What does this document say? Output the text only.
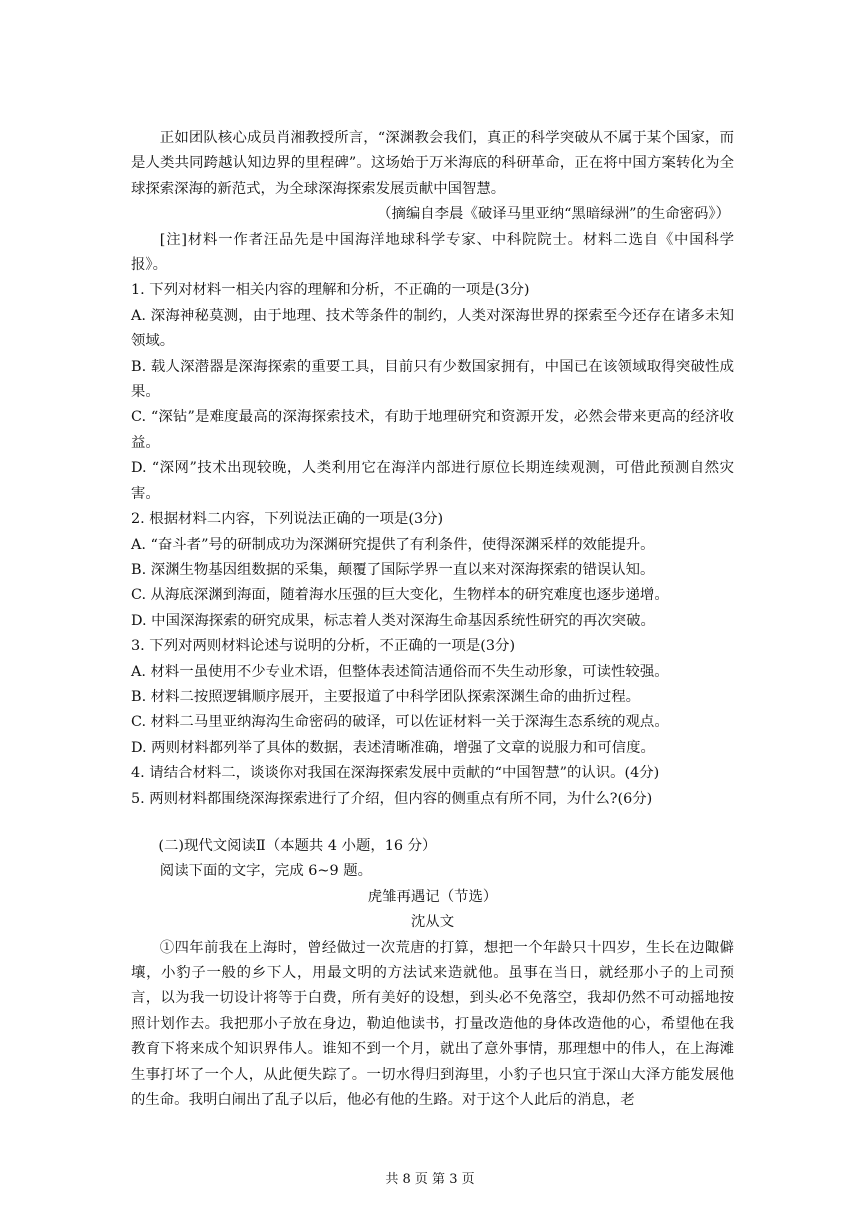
正如团队核心成员肖湘教授所言，“深渊教会我们，真正的科学突破从不属于某个国家，而是人类共同跨越认知边界的里程碑”。这场始于万米海底的科研革命，正在将中国方案转化为全球探索深海的新范式，为全球深海探索发展贡献中国智慧。

（摘编自李晨《破译马里亚纳“黑暗绿洲”的生命密码》）

[注]材料一作者汪品先是中国海洋地球科学专家、中科院院士。材料二选自《中国科学报》。

1. 下列对材料一相关内容的理解和分析，不正确的一项是(3分)

A. 深海神秘莫测，由于地理、技术等条件的制约，人类对深海世界的探索至今还存在诸多未知领域。

B. 载人深潜器是深海探索的重要工具，目前只有少数国家拥有，中国已在该领域取得突破性成果。

C. “深钻”是难度最高的深海探索技术，有助于地理研究和资源开发，必然会带来更高的经济收益。

D. “深网”技术出现较晚，人类利用它在海洋内部进行原位长期连续观测，可借此预测自然灾害。

2. 根据材料二内容，下列说法正确的一项是(3分)

A. “奋斗者”号的研制成功为深渊研究提供了有利条件，使得深渊采样的效能提升。

B. 深渊生物基因组数据的采集，颠覆了国际学界一直以来对深海探索的错误认知。

C. 从海底深渊到海面，随着海水压强的巨大变化，生物样本的研究难度也逐步递增。

D. 中国深海探索的研究成果，标志着人类对深海生命基因系统性研究的再次突破。

3. 下列对两则材料论述与说明的分析，不正确的一项是(3分)

A. 材料一虽使用不少专业术语，但整体表述简洁通俗而不失生动形象，可读性较强。

B. 材料二按照逻辑顺序展开，主要报道了中科学团队探索深渊生命的曲折过程。

C. 材料二马里亚纳海沟生命密码的破译，可以佐证材料一关于深海生态系统的观点。

D. 两则材料都列举了具体的数据，表述清晰准确，增强了文章的说服力和可信度。

4. 请结合材料二，谈谈你对我国在深海探索发展中贡献的“中国智慧”的认识。(4分)

5. 两则材料都围绕深海探索进行了介绍，但内容的侧重点有所不同，为什么?(6分)

(二)现代文阅读Ⅱ（本题共 4 小题，16 分）

阅读下面的文字，完成 6~9 题。

虎雏再遇记（节选）

沈从文

①四年前我在上海时，曾经做过一次荒唐的打算，想把一个年龄只十四岁，生长在边陬僻壤，小豹子一般的乡下人，用最文明的方法试来造就他。虽事在当日，就经那小子的上司预言，以为我一切设计将等于白费，所有美好的设想，到头必不免落空，我却仍然不可动摇地按照计划作去。我把那小子放在身边，勒迫他读书，打量改造他的身体改造他的心，希望他在我教育下将来成个知识界伟人。谁知不到一个月，就出了意外事情，那理想中的伟人，在上海滩生事打坏了一个人，从此便失踪了。一切水得归到海里，小豹子也只宜于深山大泽方能发展他的生命。我明白闹出了乱子以后，他必有他的生路。对于这个人此后的消息，老

共 8 页 第 3 页
